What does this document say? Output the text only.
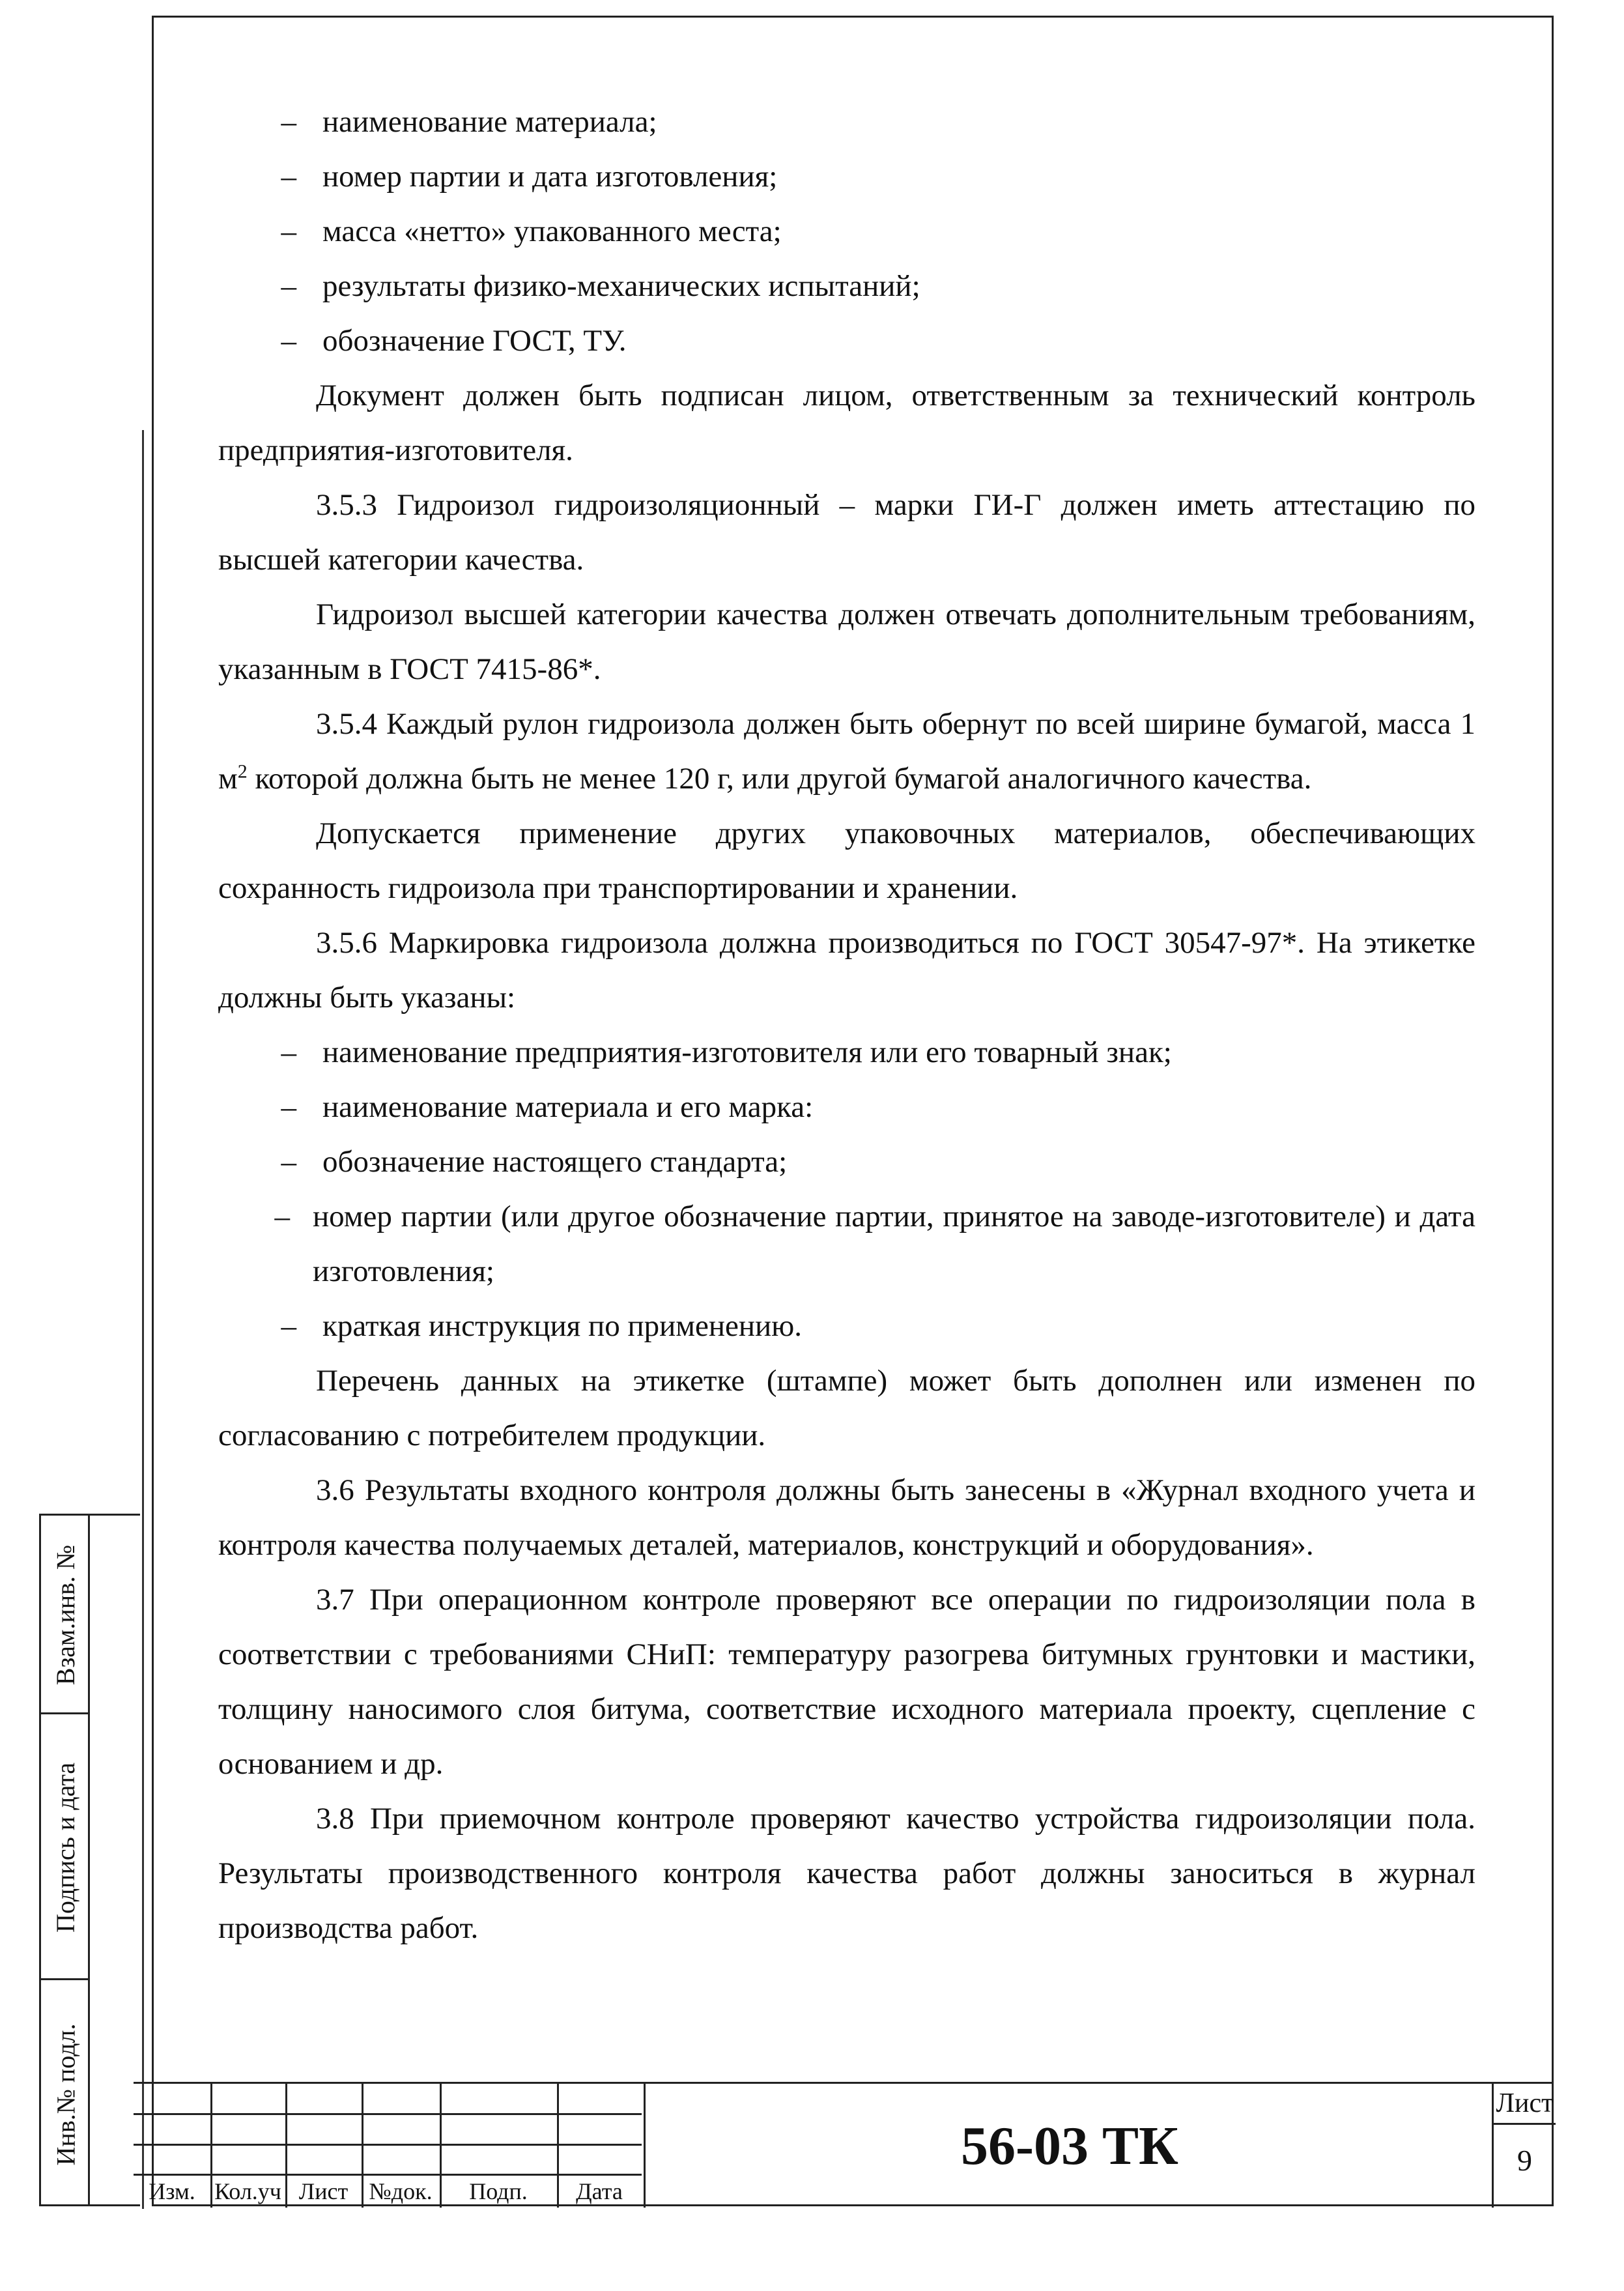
– наименование материала;

– номер партии и дата изготовления;

– масса «нетто» упакованного места;

– результаты физико-механических испытаний;

– обозначение ГОСТ, ТУ.

Документ должен быть подписан лицом, ответственным за технический контроль предприятия-изготовителя.

3.5.3 Гидроизол гидроизоляционный – марки ГИ-Г должен иметь аттестацию по высшей категории качества.

Гидроизол высшей категории качества должен отвечать дополнительным требованиям, указанным в ГОСТ 7415-86*.

3.5.4 Каждый рулон гидроизола должен быть обернут по всей ширине бумагой, масса 1 $м^2$ которой должна быть не менее 120 г, или другой бумагой аналогичного качества.

Допускается применение других упаковочных материалов, обеспечивающих сохранность гидроизола при транспортировании и хранении.

3.5.6 Маркировка гидроизола должна производиться по ГОСТ 30547-97*. На этикетке должны быть указаны:

– наименование предприятия-изготовителя или его товарный знак;

– наименование материала и его марка:

– обозначение настоящего стандарта;

– номер партии (или другое обозначение партии, принятое на заводе-изготовителе) и дата изготовления;

– краткая инструкция по применению.

Перечень данных на этикетке (штампе) может быть дополнен или изменен по согласованию с потребителем продукции.

3.6 Результаты входного контроля должны быть занесены в «Журнал входного учета и контроля качества получаемых деталей, материалов, конструкций и оборудования».

3.7 При операционном контроле проверяют все операции по гидроизоляции пола в соответствии с требованиями СНиП: температуру разогрева битумных грунтовки и мастики, толщину наносимого слоя битума, соответствие исходного материала проекту, сцепление с основанием и др.

3.8 При приемочном контроле проверяют качество устройства гидроизоляции пола. Результаты производственного контроля качества работ должны заноситься в журнал производства работ.

Взам.инв. №
Подпись и дата
Инв.№ подл.
Изм. Кол.уч Лист №док.	Подп.	Дата
56-03 ТК
Лист
9
